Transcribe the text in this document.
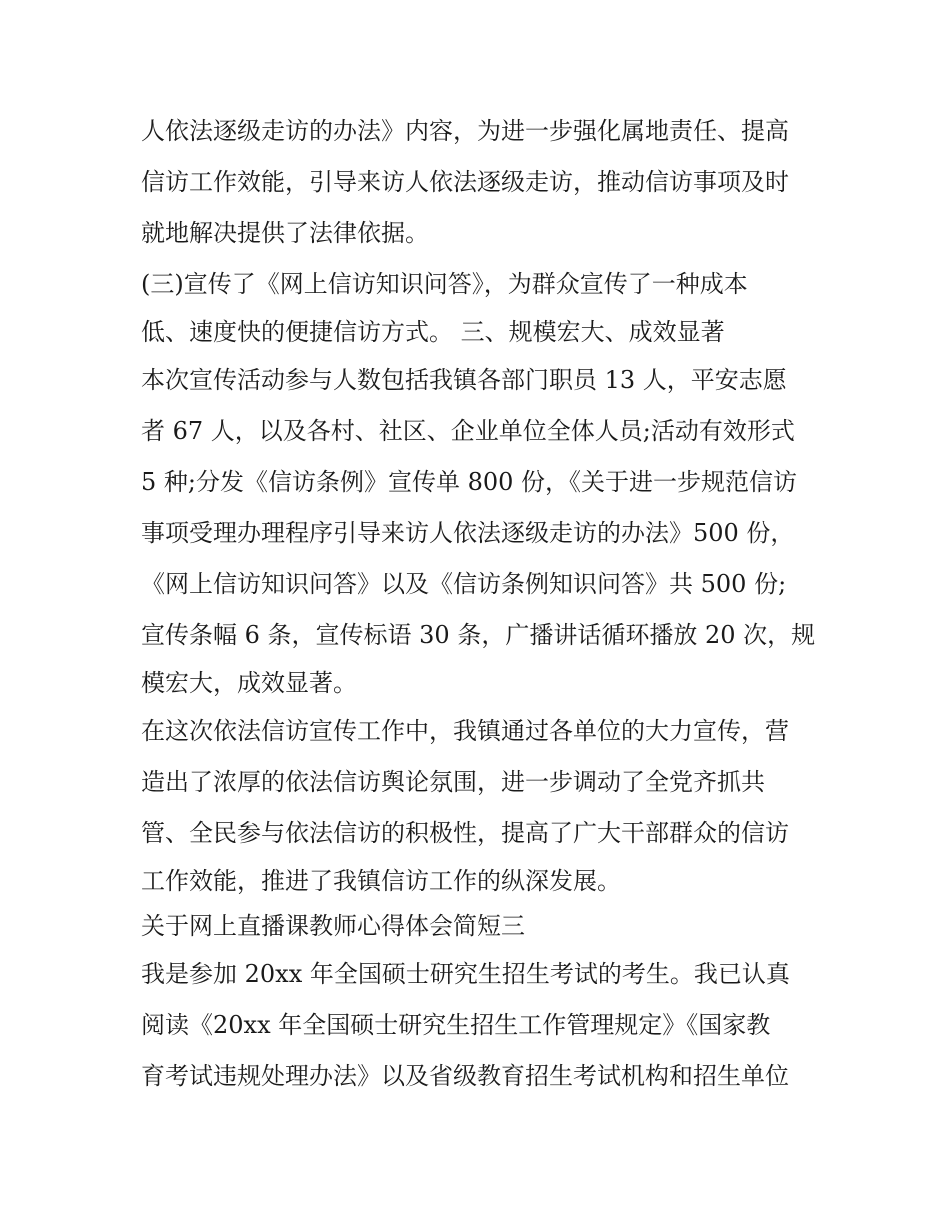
人依法逐级走访的办法》内容，为进一步强化属地责任、提高
信访工作效能，引导来访人依法逐级走访，推动信访事项及时
就地解决提供了法律依据。
(三)宣传了《网上信访知识问答》，为群众宣传了一种成本
低、速度快的便捷信访方式。 三、规模宏大、成效显著
本次宣传活动参与人数包括我镇各部门职员 13 人，平安志愿
者 67 人，以及各村、社区、企业单位全体人员;活动有效形式
5 种;分发《信访条例》宣传单 800 份，《关于进一步规范信访
事项受理办理程序引导来访人依法逐级走访的办法》500 份，
《网上信访知识问答》以及《信访条例知识问答》共 500 份;
宣传条幅 6 条，宣传标语 30 条，广播讲话循环播放 20 次，规
模宏大，成效显著。
在这次依法信访宣传工作中，我镇通过各单位的大力宣传，营
造出了浓厚的依法信访舆论氛围，进一步调动了全党齐抓共
管、全民参与依法信访的积极性，提高了广大干部群众的信访
工作效能，推进了我镇信访工作的纵深发展。
关于网上直播课教师心得体会简短三
我是参加 20xx 年全国硕士研究生招生考试的考生。我已认真
阅读《20xx 年全国硕士研究生招生工作管理规定》《国家教
育考试违规处理办法》以及省级教育招生考试机构和招生单位
